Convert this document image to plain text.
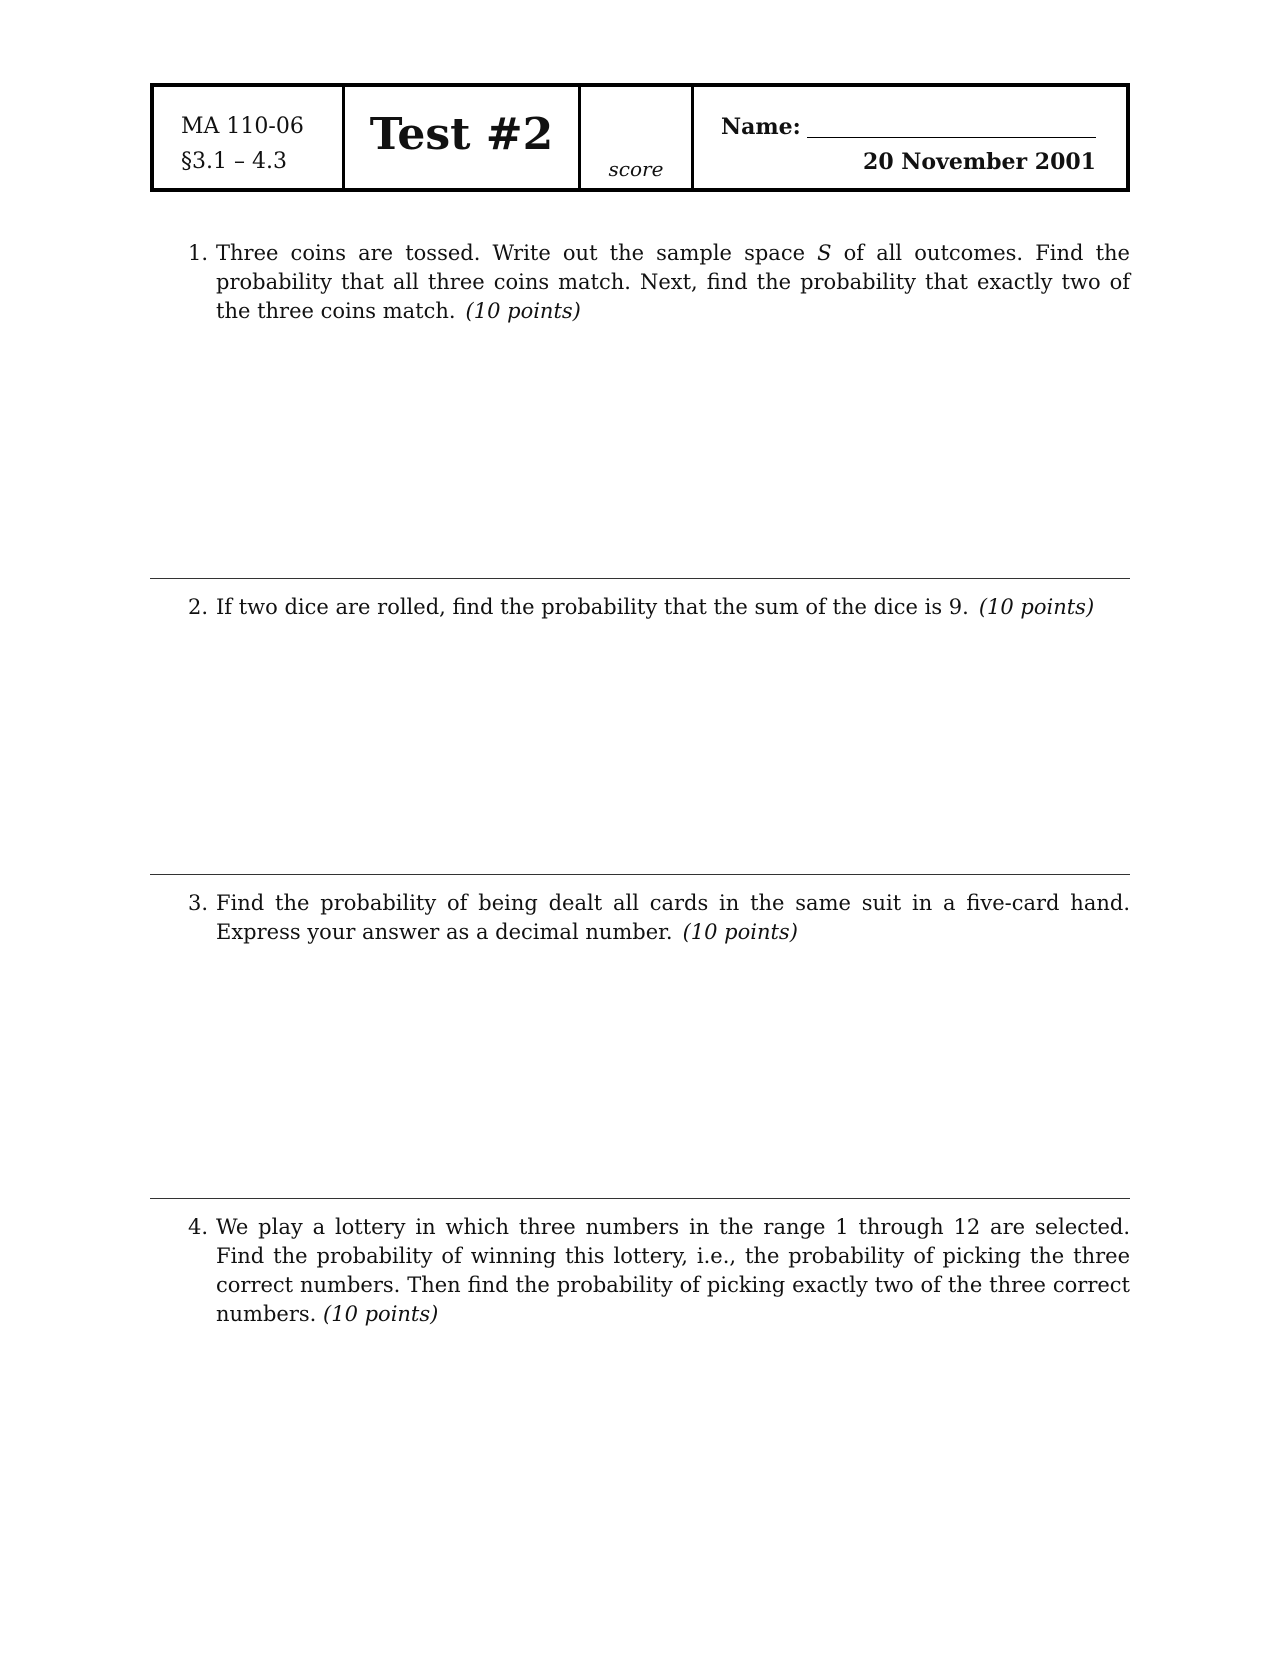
MA 110-06
§3.1 – 4.3
Test #2
score
Name:
20 November 2001
1. Three coins are tossed. Write out the sample space S of all outcomes. Find the probability that all three coins match. Next, find the probability that exactly two of the three coins match. (10 points)
2. If two dice are rolled, find the probability that the sum of the dice is 9. (10 points)
3. Find the probability of being dealt all cards in the same suit in a five-card hand. Express your answer as a decimal number. (10 points)
4. We play a lottery in which three numbers in the range 1 through 12 are selected. Find the probability of winning this lottery, i.e., the probability of picking the three correct numbers. Then find the probability of picking exactly two of the three correct numbers. (10 points)
